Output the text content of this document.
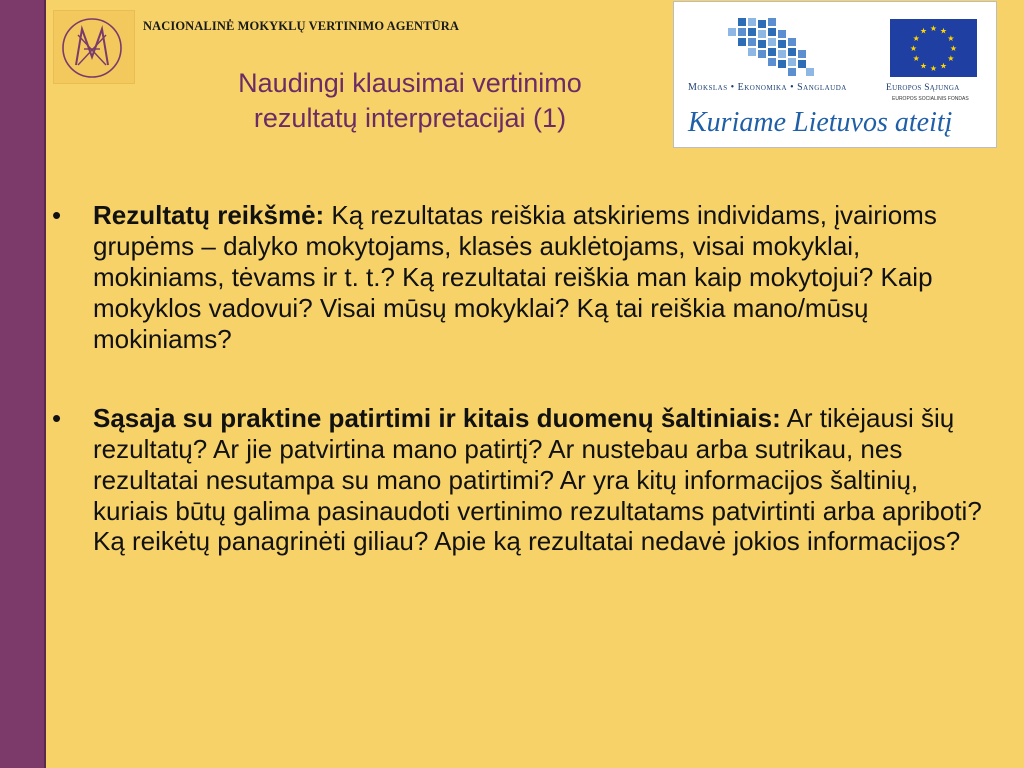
NACIONALINĖ MOKYKLŲ VERTINIMO AGENTŪRA
Naudingi klausimai vertinimo
rezultatų interpretacijai (1)
Mokslas • Ekonomika • Sanglauda
★ ★
★
★
★
★
★
★
★
★
★
★
Europos Sąjunga
EUROPOS SOCIALINIS FONDAS
Kuriame Lietuvos ateitį
• Rezultatų reikšmė: Ką rezultatas reiškia atskiriems individams, įvairioms grupėms – dalyko mokytojams, klasės auklėtojams, visai mokyklai, mokiniams, tėvams ir t. t.? Ką rezultatai reiškia man kaip mokytojui? Kaip mokyklos vadovui? Visai mūsų mokyklai? Ką tai reiškia mano/mūsų mokiniams?
• Sąsaja su praktine patirtimi ir kitais duomenų šaltiniais: Ar tikėjausi šių rezultatų? Ar jie patvirtina mano patirtį? Ar nustebau arba sutrikau, nes rezultatai nesutampa su mano patirtimi? Ar yra kitų informacijos šaltinių, kuriais būtų galima pasinaudoti vertinimo rezultatams patvirtinti arba apriboti? Ką reikėtų panagrinėti giliau? Apie ką rezultatai nedavė jokios informacijos?
